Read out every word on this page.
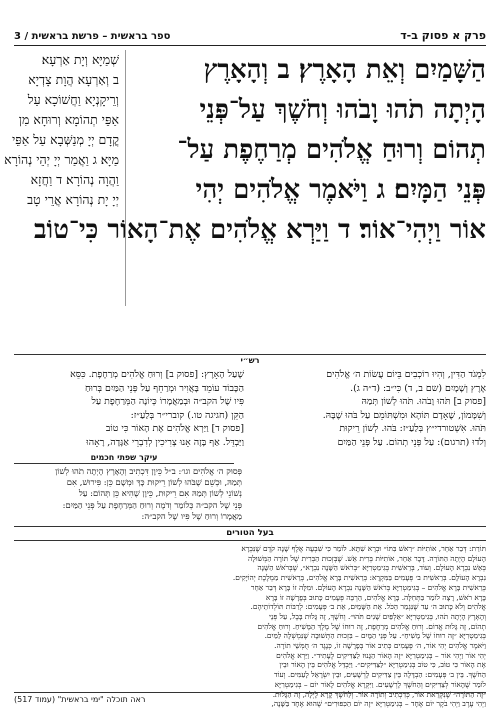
פרק א פסוק ב-ד
ספר בראשית – פרשת בראשית / 3
הַשָּׁמַיִם וְאֵת הָאָרֶץ׃ ב וְהָאָרֶץ
הָיְתָה תֹהוּ וָבֹהוּ וְחֹשֶׁךְ עַל־פְּנֵי
תְהוֹם וְרוּחַ אֱלֹהִים מְרַחֶפֶת עַל־
פְּנֵי הַמָּיִם׃ ג וַיֹּאמֶר אֱלֹהִים יְהִי
אוֹר וַיְהִי־אוֹר׃ ד וַיַּרְא אֱלֹהִים אֶת־הָאוֹר כִּי־טוֹב
שְׁמַיָּא וְיָת אַרְעָא׃
ב וְאַרְעָא הֲוָת צָדְיָא
וְרֵיקָנְיָא וַחֲשׁוֹכָא עַל
אַפֵּי תְהוֹמָא וְרוּחָא מִן
קֳדָם יְיָ מְנַשְּׁבָא עַל אַפֵּי
מַיָּא׃ ג וַאֲמַר יְיָ יְהֵי נְהוֹרָא
וַהֲוָה נְהוֹרָא׃ ד וַחֲזָא
יְיָ יָת נְהוֹרָא אֲרֵי טָב
רש״י
לִמְגֹד הַדִּין, וְהִיוּ רוֹכְבִים בֵּיוֹם עֲשׂוֹת ה׳ אֱלֹהִים
אֶרֶץ וְשָׁמָיִם (שם ב, ד) כִּי״ב: (ד״ה ג).
[פסוק ב] תֹּהוּ וָבֹהוּ. תֹּהוּ לְשׁוֹן תְּמַהּ
וְשִׁמָּמוֹן, שֶׁאָדָם תּוֹהֶא וּמִשְׁתּוֹמֵם עַל בֹּהוּ שֶׁבָּהּ.
תֹּהוּ. אִשְׁטורדי״ץ בְּלַעַ״ז: בֹּהוּ. לְשׁוֹן רֵיקוּת
וְלֹדוּ (תרגום): עַל פְּנֵי תְהוֹם. עַל פְּנֵי הַמַּיִם
שֶׁעַל הָאָרֶץ: [פסוק ב] וְרוּחַ אֱלֹהִים מְרַחֶפֶת. כִּסֵּא
הַכָּבוֹד עוֹמֵד בָּאֲוִיר וּמְרַחֵף עַל פְּנֵי הַמַּיִם בְּרוּחַ
פִּיו שֶׁל הקב״ה וּבְמַאֲמָרוֹ כְּיוֹנָה הַמְּרַחֶפֶת עַל
הַקֵּן (חגיגה טו.) קוברי״ר בְּלַעַ״ז:
[פסוק ד] וַיַּרְא אֱלֹהִים אֶת הָאוֹר כִּי טוֹב
וַיַּבְדֵּל. אַף בָּזֶה אָנוּ צְרִיכִין לְדִבְרֵי אַגָּדָה, רָאָהוּ
עיקר שפתי חכמים
פְּסוּק ה׳ אֱלֹהִים וגו׳: ב״ל כֵּיוָן דִּכְתִיב וְהָאָרֶץ הָיְתָה תֹהוּ לְשׁוֹן
תְּמַהּ, וּכְשֵׁם שֶׁבֹּהוּ לְשׁוֹן רֵיקוּת כָּךְ וּמְשָׁם כֵּן: פִּירוּשׁ, אִם
נְשׁוֹנֵי לְשׁוֹן תְּמַהּ אִם רֵיקוּת, כֵּיוָן שֶׁהִיא כֵּן תְּהוֹם: עַל
פְּנֵי שֶׁל הקב״ה כְּלוֹמַר וְדֹמֶה וְרוּחַ הַמְּרַחֶפֶת עַל פְּנֵי הַמַּיִם:
מַאֲמָרוֹ וְרוּחַ שֶׁל פִּיו שֶׁל הקב״ה:
בעל הטורים
תּוֹרַת: דְּבַר אַחֵר, אוֹתִיּוֹת ״רַאשׁ בִּתּוֹ״ וּבְרָא שִׁתָּא. לוֹמַר כִּי שִׁבְעָה אֶלֶף שָׁנָה קֹדֶם שֶׁנִּבְרָא
הָעוֹלָם הָיְתָה הַתּוֹרָה. דָּבָר אַחֵר, אוֹתִיּוֹת בְּרִית אֵשׁ. שֶׁבְּזְכוּת הַבְּרִית שֶׁל תּוֹרָה הַמְּשׁוּלָה
בְּאֵשׁ נִבְרָא הָעוֹלָם. וְעוֹד, בְּרֵאשִׁית בְּגִימַטְרִיָּא ״בְּרֹאשׁ הַשָּׁנָה נִבְרָא״, שֶׁבְּרֹאשׁ הַשָּׁנָה
נִבְרָא הָעוֹלָם. בְּרֵאשִׁית ב׳ פְּעָמִים בַּמִּקְרָא: בְּרֵאשִׁית בָּרָא אֱלֹהִים, בְּרֵאשִׁית מַמְלֶכֶת יְהוֹיָקִים.
בְּרֵאשִׁית בָּרָא אֱלֹהִים – בְּגִימַטְרִיָּא בְּרֹאשׁ הַשָּׁנָה נִבְרָא הָעוֹלָם. וּמִלָּה זוֹ בָּרָא דְּבַר אַחֵר
בָּרָא רֹאשׁ, רָצָה לוֹמַר בַּתְּחִלָּה. בָּרָא אֱלֹהִים, הַרְבֵּה פְּעָמִים כָּתוּב בְּפָרָשָׁה זוֹ בָּרָא
אֱלֹהִים וְלֹא כָּתוּב ה׳ עַד שֶׁנִּגְמַר הַכֹּל. אֵת הַשָּׁמַיִם, אֵת ב׳ פְּעָמִים: לְרַבּוֹת תּוֹלְדוֹתֵיהֶם.
וְהָאָרֶץ הָיְתָה תֹהוּ, בְּגִימַטְרִיָּא ״אַלְפַּיִם שָׁנִים תֹּהוּ״. וְחֹשֶׁךְ, זֶה גָּלוּת בָּבֶל, עַל פְּנֵי
תְהוֹם, זֶה גָּלוּת אֱדוֹם. וְרוּחַ אֱלֹהִים מְרַחֶפֶת, זֶה רוּחוֹ שֶׁל מֶלֶךְ הַמָּשִׁיחַ. וְרוּחַ אֱלֹהִים
בְּגִימַטְרִיָּא ״זֶה רוּחוֹ שֶׁל מָשִׁיחַ״. עַל פְּנֵי הַמָּיִם – בִּזְכוּת הַתְּשׁוּבָה שֶׁנִּמְשְׁלָה לַמַּיִם.
וַיֹּאמֶר אֱלֹהִים יְהִי אוֹר, ה׳ פְּעָמִים כְּתִיב אוֹר בְּפָרָשָׁה זוֹ, כְּנֶגֶד ה׳ חֻמְּשֵׁי תוֹרָה.
יְהִי אוֹר וַיְהִי אוֹר – בְּגִימַטְרִיָּא ״זֶה הָאוֹר הַגָּנוּז לַצַּדִּיקִים לֶעָתִיד״. וַיַּרְא אֱלֹהִים
אֶת הָאוֹר כִּי טוֹב, כִּי טוֹב בְּגִימַטְרִיָּא ״לַצַּדִּיקִים״. וַיַּבְדֵּל אֱלֹהִים בֵּין הָאוֹר וּבֵין
הַחֹשֶׁךְ. בֵּין ב׳ פְּעָמִים: הַבְדָּלָה בֵּין צַדִּיקִים לָרְשָׁעִים, וּבֵין יִשְׂרָאֵל לָעַמִּים. וְעוֹד
לוֹמַר שֶׁהָאוֹר לְצַדִּיקִים וְהַחֹשֶׁךְ לָרְשָׁעִים. וַיִּקְרָא אֱלֹהִים לָאוֹר יוֹם – בְּגִימַטְרִיָּא
״זֶה הַתּוֹרָה״ שֶׁנִּקְרֵאת אוֹר, כְּדִכְתִיב וְתוֹרָה אוֹר. וְלַחֹשֶׁךְ קָרָא לָיְלָה, זֶה הַגָּלוּת.
וַיְהִי עֶרֶב וַיְהִי בֹקֶר יוֹם אֶחָד – בְּגִימַטְרִיָּא ״זֶה יוֹם הַכִּפּוּרִים״ שֶׁהוּא אֶחָד בַּשָּׁנָה,
ראה תוכלה "ימי בראשית" (עמוד 517)
